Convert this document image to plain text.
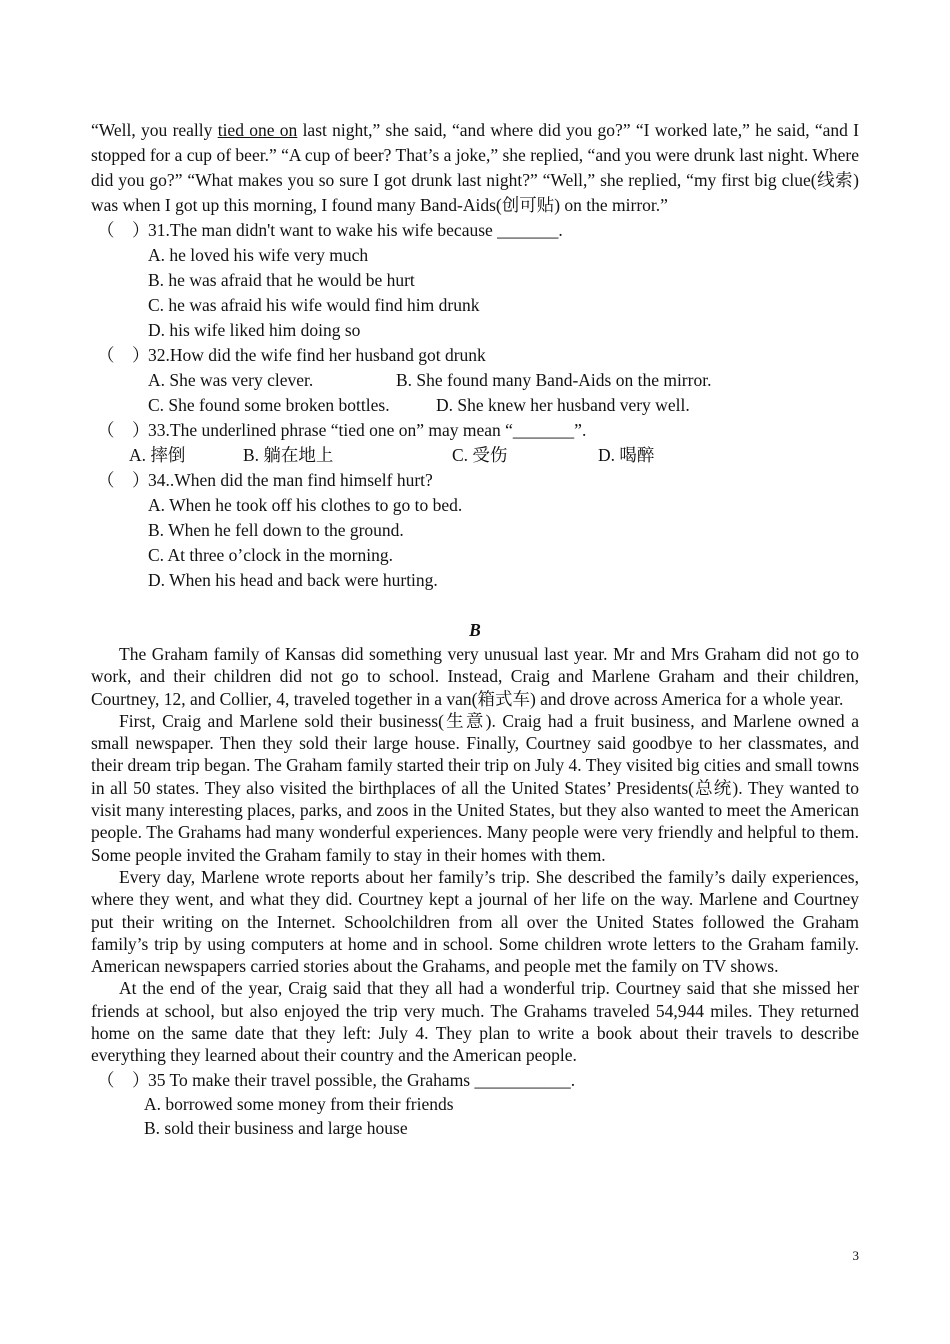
“Well, you really tied one on last night,” she said, “and where did you go?” “I worked late,” he said, “and I stopped for a cup of beer.” “A cup of beer? That’s a joke,” she replied, “and you were drunk last night. Where did you go?” “What makes you so sure I got drunk last night?” “Well,” she replied, “my first big clue(线索) was when I got up this morning, I found many Band-Aids(创可贴) on the mirror.”

（　）31.The man didn't want to wake his wife because _______.
A. he loved his wife very much
B. he was afraid that he would be hurt
C. he was afraid his wife would find him drunk
D. his wife liked him doing so
（　）32.How did the wife find her husband got drunk
A. She was very clever.	B. She found many Band-Aids on the mirror.
C. She found some broken bottles.	D. She knew her husband very well.
（　）33.The underlined phrase “tied one on” may mean “_______”.
A. 摔倒	B. 躺在地上	C. 受伤	D. 喝醉
（　）34..When did the man find himself hurt?
A. When he took off his clothes to go to bed.
B. When he fell down to the ground.
C. At three o’clock in the morning.
D. When his head and back were hurting.
B

The Graham family of Kansas did something very unusual last year. Mr and Mrs Graham did not go to work, and their children did not go to school. Instead, Craig and Marlene Graham and their children, Courtney, 12, and Collier, 4, traveled together in a van(箱式车) and drove across America for a whole year.

First, Craig and Marlene sold their business(生意). Craig had a fruit business, and Marlene owned a small newspaper. Then they sold their large house. Finally, Courtney said goodbye to her classmates, and their dream trip began. The Graham family started their trip on July 4. They visited big cities and small towns in all 50 states. They also visited the birthplaces of all the United States’ Presidents(总统). They wanted to visit many interesting places, parks, and zoos in the United States, but they also wanted to meet the American people. The Grahams had many wonderful experiences. Many people were very friendly and helpful to them. Some people invited the Graham family to stay in their homes with them.

Every day, Marlene wrote reports about her family’s trip. She described the family’s daily experiences, where they went, and what they did. Courtney kept a journal of her life on the way. Marlene and Courtney put their writing on the Internet. Schoolchildren from all over the United States followed the Graham family’s trip by using computers at home and in school. Some children wrote letters to the Graham family. American newspapers carried stories about the Grahams, and people met the family on TV shows.

At the end of the year, Craig said that they all had a wonderful trip. Courtney said that she missed her friends at school, but also enjoyed the trip very much. The Grahams traveled 54,944 miles. They returned home on the same date that they left: July 4. They plan to write a book about their travels to describe everything they learned about their country and the American people.

（　）35 To make their travel possible, the Grahams ___________.
A. borrowed some money from their friends
B. sold their business and large house
3
